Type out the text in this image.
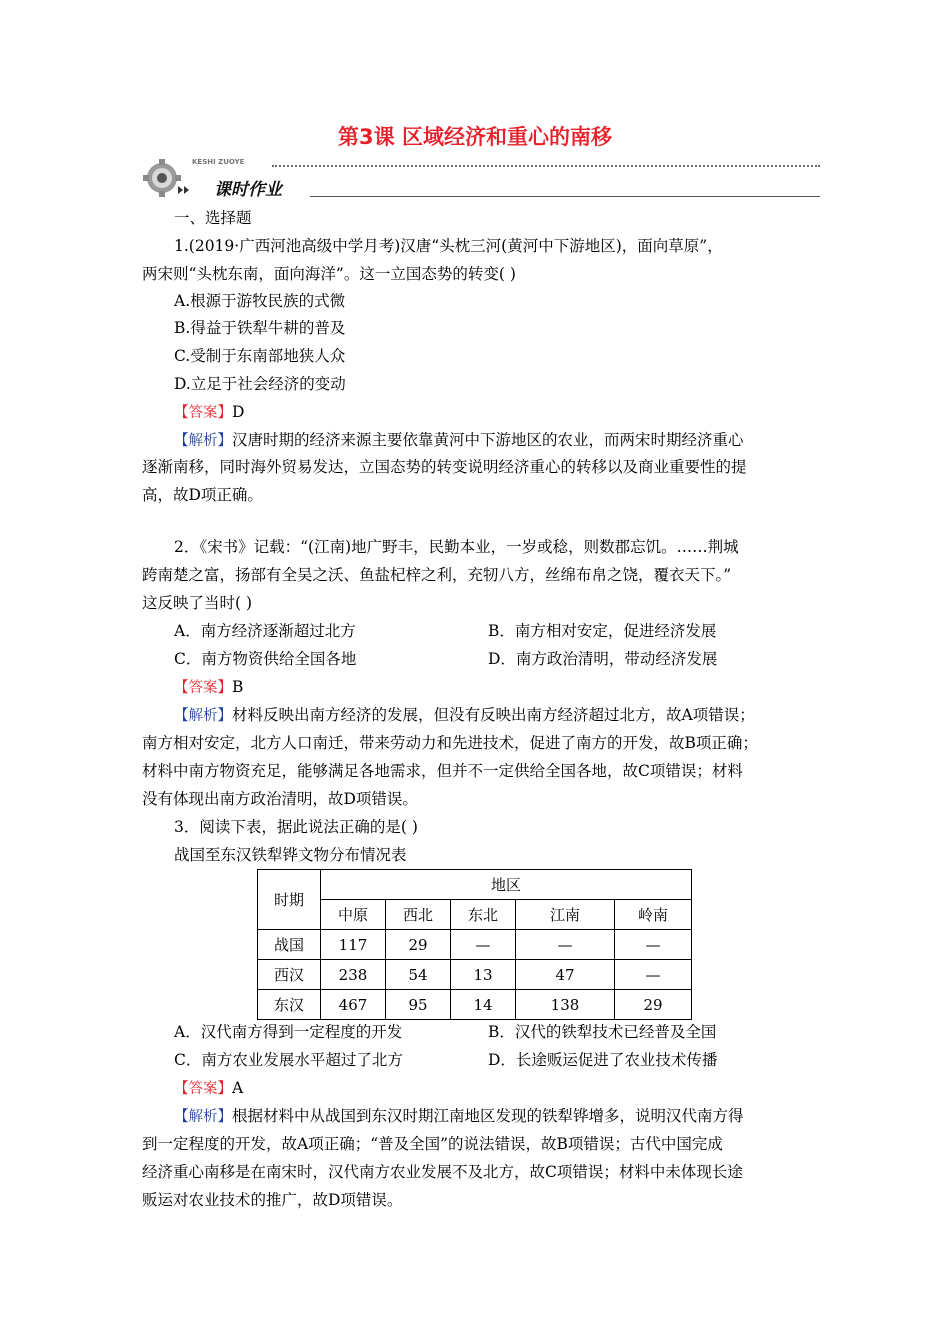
第3课 区域经济和重心的南移
KESHI ZUOYE
课时作业
一、选择题
1.(2019·广西河池高级中学月考)汉唐“头枕三河(黄河中下游地区)，面向草原”，
两宋则“头枕东南，面向海洋”。这一立国态势的转变( )
A.根源于游牧民族的式微
B.得益于铁犁牛耕的普及
C.受制于东南部地狭人众
D.立足于社会经济的变动
【答案】D
【解析】汉唐时期的经济来源主要依靠黄河中下游地区的农业，而两宋时期经济重心
逐渐南移，同时海外贸易发达，立国态势的转变说明经济重心的转移以及商业重要性的提
高，故D项正确。
2．《宋书》记载：“(江南)地广野丰，民勤本业，一岁或稔，则数郡忘饥。……荆城
跨南楚之富，扬部有全吴之沃、鱼盐杞梓之利，充牣八方，丝绵布帛之饶，覆衣天下。”
这反映了当时( )
A．南方经济逐渐超过北方	B．南方相对安定，促进经济发展
C．南方物资供给全国各地	D．南方政治清明，带动经济发展
【答案】B
【解析】材料反映出南方经济的发展，但没有反映出南方经济超过北方，故A项错误；
南方相对安定，北方人口南迁，带来劳动力和先进技术，促进了南方的开发，故B项正确；
材料中南方物资充足，能够满足各地需求，但并不一定供给全国各地，故C项错误；材料
没有体现出南方政治清明，故D项错误。
3．阅读下表，据此说法正确的是( )
战国至东汉铁犁铧文物分布情况表
时期	地区				
	中原	西北	东北	江南	岭南
战国	117	29	—	—	—
西汉	238	54	13	47	—
东汉	467	95	14	138	29
A．汉代南方得到一定程度的开发	B．汉代的铁犁技术已经普及全国
C．南方农业发展水平超过了北方	D．长途贩运促进了农业技术传播
【答案】A
【解析】根据材料中从战国到东汉时期江南地区发现的铁犁铧增多，说明汉代南方得
到一定程度的开发，故A项正确；“普及全国”的说法错误，故B项错误；古代中国完成
经济重心南移是在南宋时，汉代南方农业发展不及北方，故C项错误；材料中未体现长途
贩运对农业技术的推广，故D项错误。
